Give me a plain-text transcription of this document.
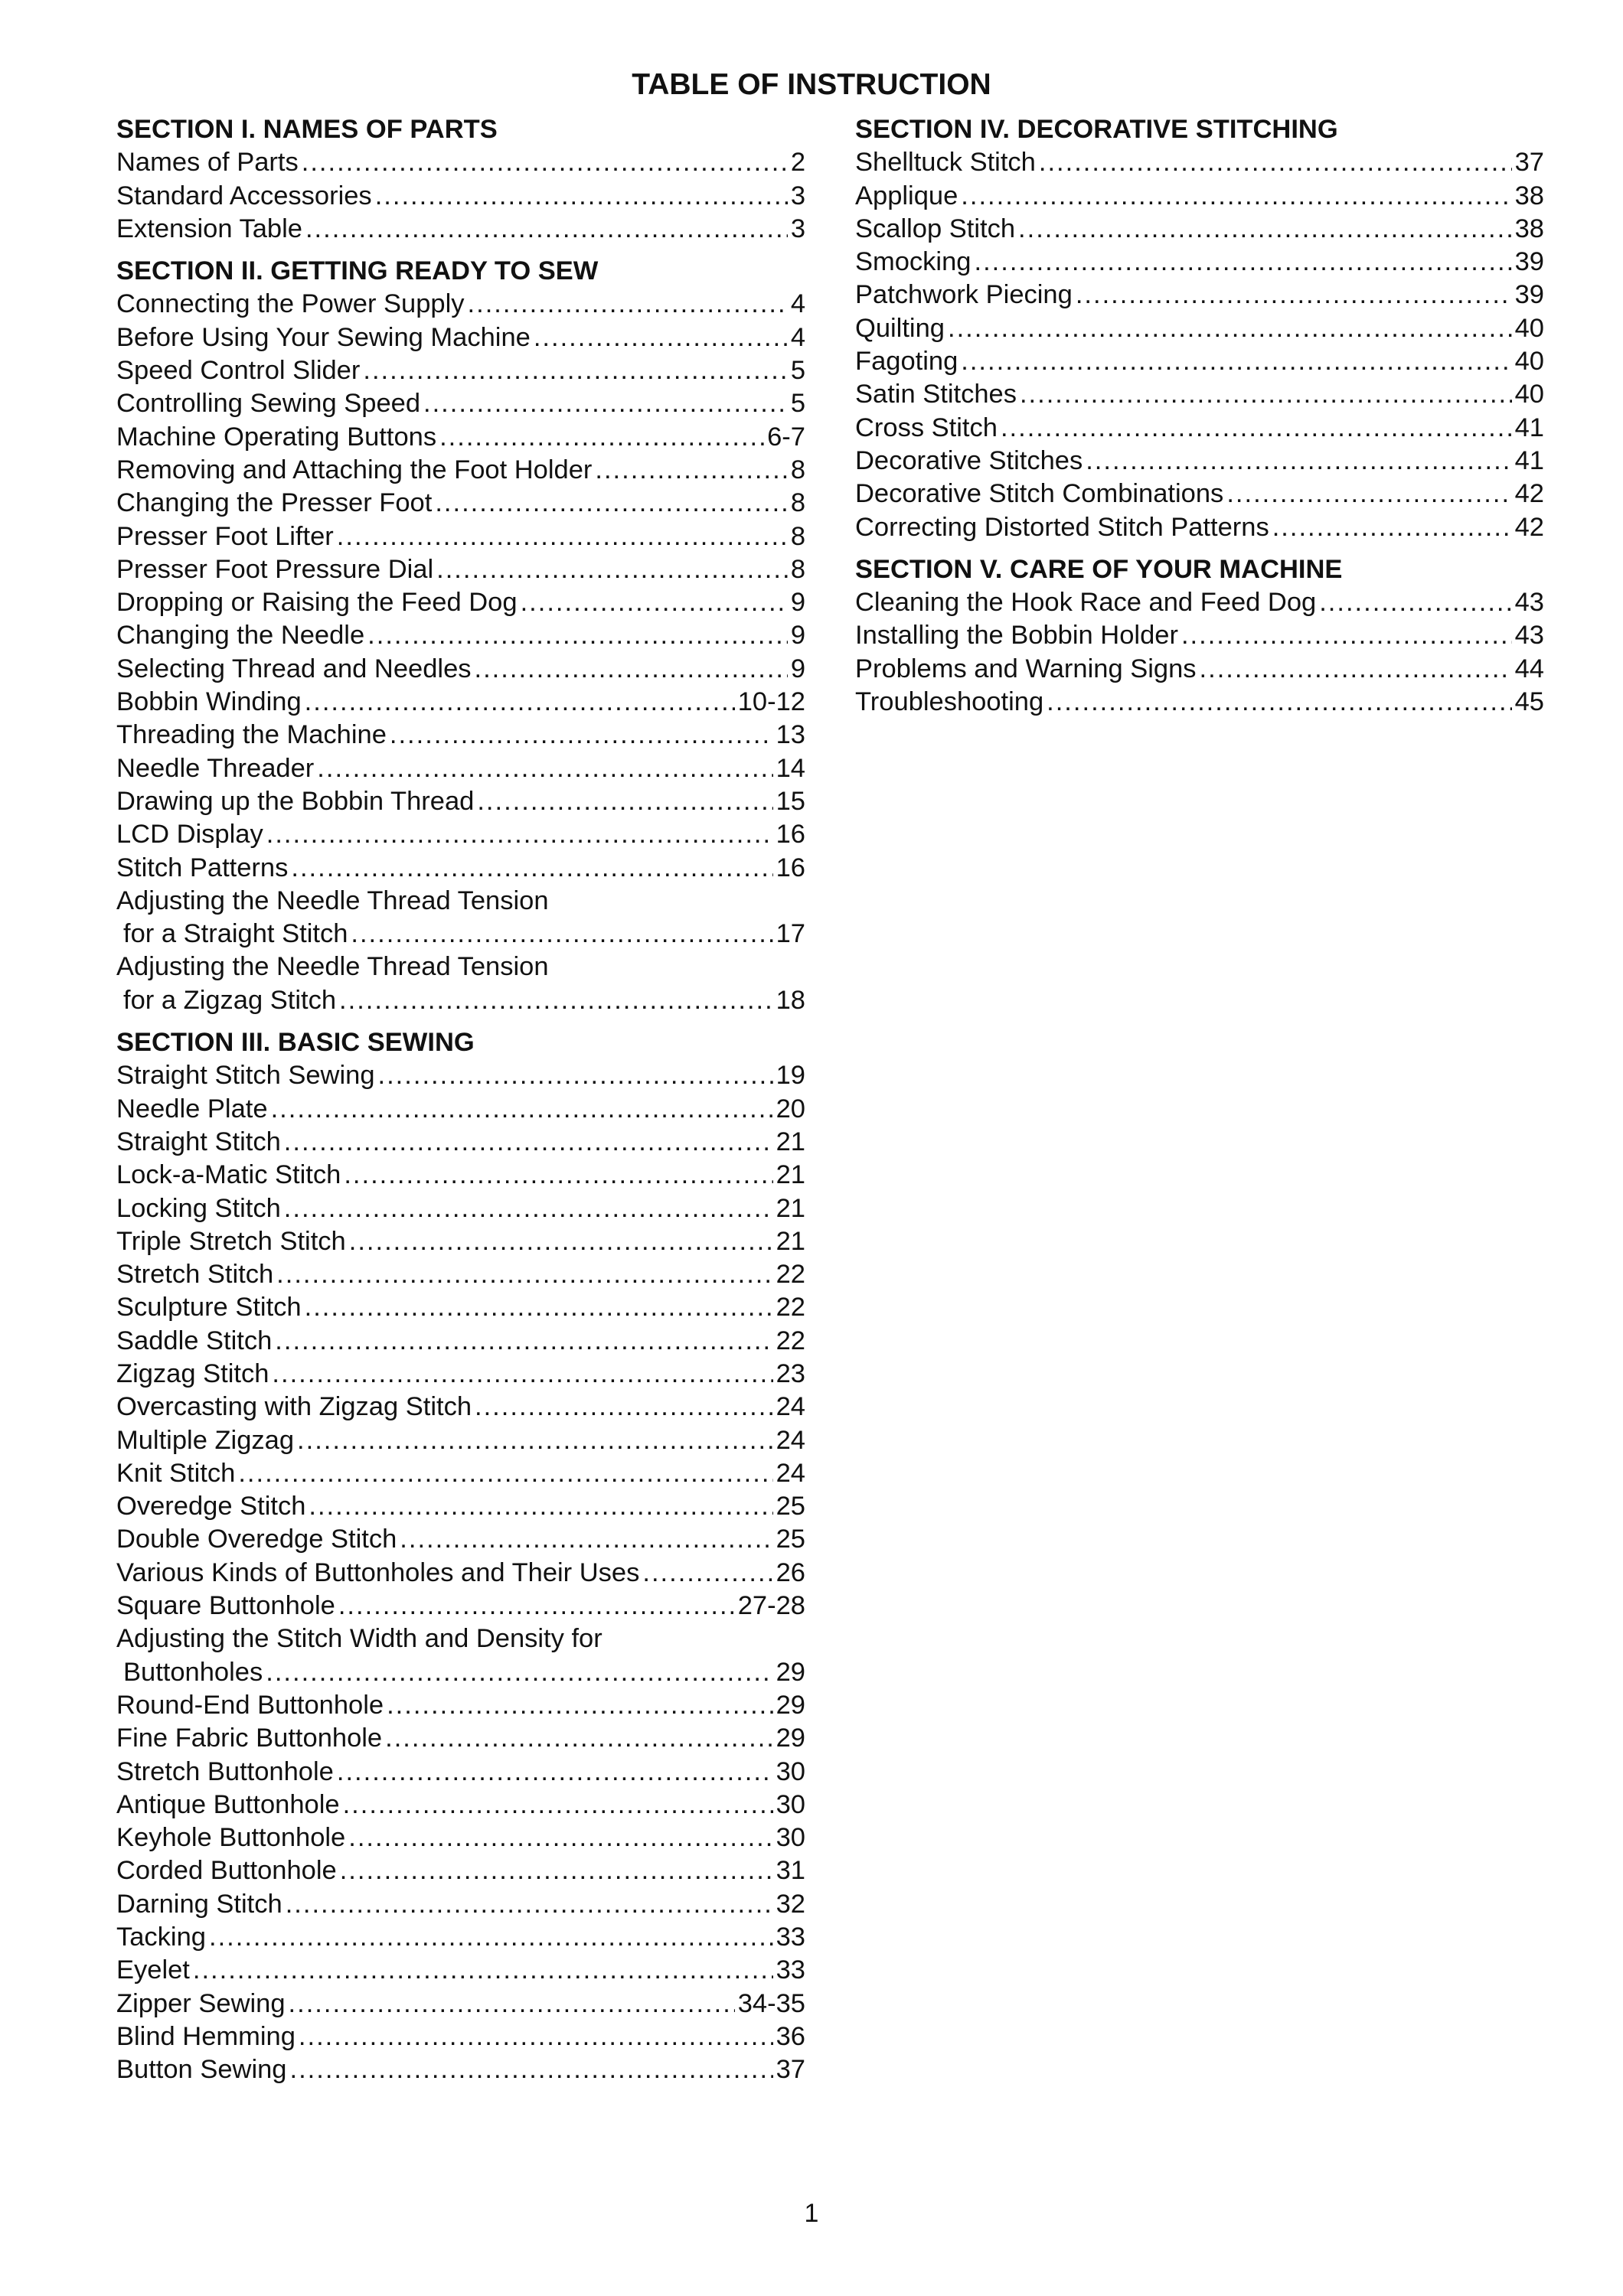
TABLE OF INSTRUCTION
SECTION I. NAMES OF PARTS
Names of Parts .....	2
Standard Accessories .....	3
Extension Table .....	3
SECTION II. GETTING READY TO SEW
Connecting the Power Supply .....	4
Before Using Your Sewing Machine .....	4
Speed Control Slider .....	5
Controlling Sewing Speed .....	5
Machine Operating Buttons .....	6-7
Removing and Attaching the Foot Holder .....	8
Changing the Presser Foot .....	8
Presser Foot Lifter .....	8
Presser Foot Pressure Dial .....	8
Dropping or Raising the Feed Dog .....	9
Changing the Needle .....	9
Selecting Thread and Needles .....	9
Bobbin Winding .....	10-12
Threading the Machine .....	13
Needle Threader .....	14
Drawing up the Bobbin Thread .....	15
LCD Display .....	16
Stitch Patterns .....	16
Adjusting the Needle Thread Tension
for a Straight Stitch .....	17
Adjusting the Needle Thread Tension
for a Zigzag Stitch .....	18
SECTION III. BASIC SEWING
Straight Stitch Sewing .....	19
Needle Plate .....	20
Straight Stitch .....	21
Lock-a-Matic Stitch .....	21
Locking Stitch .....	21
Triple Stretch Stitch .....	21
Stretch Stitch .....	22
Sculpture Stitch .....	22
Saddle Stitch .....	22
Zigzag Stitch .....	23
Overcasting with Zigzag Stitch .....	24
Multiple Zigzag .....	24
Knit Stitch .....	24
Overedge Stitch .....	25
Double Overedge Stitch .....	25
Various Kinds of Buttonholes and Their Uses .....	26
Square Buttonhole .....	27-28
Adjusting the Stitch Width and Density for
Buttonholes .....	29
Round-End Buttonhole .....	29
Fine Fabric Buttonhole .....	29
Stretch Buttonhole .....	30
Antique Buttonhole .....	30
Keyhole Buttonhole .....	30
Corded Buttonhole .....	31
Darning Stitch .....	32
Tacking .....	33
Eyelet .....	33
Zipper Sewing .....	34-35
Blind Hemming .....	36
Button Sewing .....	37
SECTION IV. DECORATIVE STITCHING
Shelltuck Stitch .....	37
Applique .....	38
Scallop Stitch .....	38
Smocking .....	39
Patchwork Piecing .....	39
Quilting .....	40
Fagoting .....	40
Satin Stitches .....	40
Cross Stitch .....	41
Decorative Stitches .....	41
Decorative Stitch Combinations .....	42
Correcting Distorted Stitch Patterns .....	42
SECTION V. CARE OF YOUR MACHINE
Cleaning the Hook Race and Feed Dog .....	43
Installing the Bobbin Holder .....	43
Problems and Warning Signs .....	44
Troubleshooting .....	45
1
